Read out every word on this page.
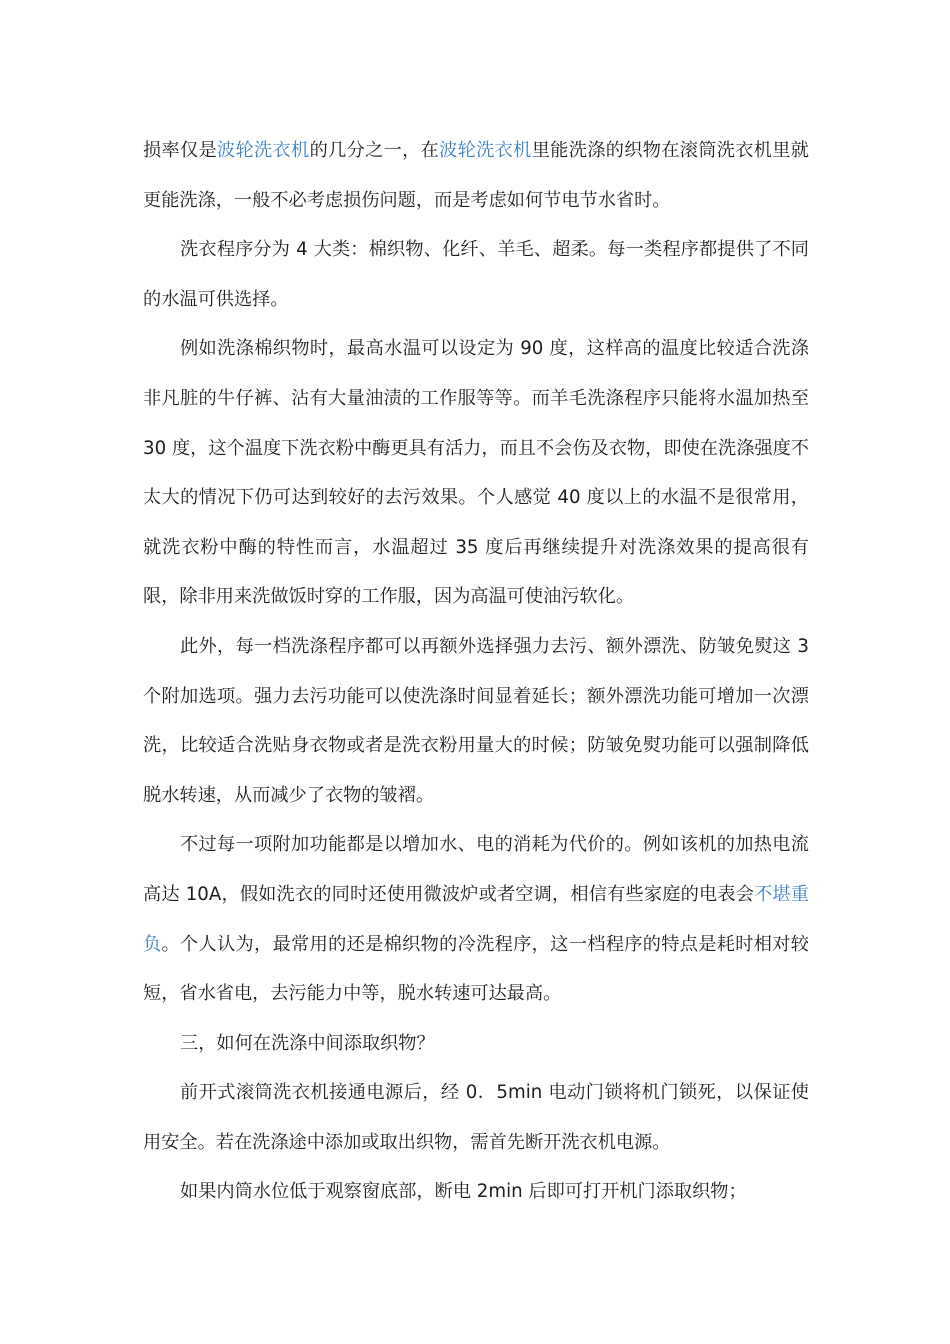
损率仅是波轮洗衣机的几分之一，在波轮洗衣机里能洗涤的织物在滚筒洗衣机里就更能洗涤，一般不必考虑损伤问题，而是考虑如何节电节水省时。

洗衣程序分为 4 大类：棉织物、化纤、羊毛、超柔。每一类程序都提供了不同的水温可供选择。

例如洗涤棉织物时，最高水温可以设定为 90 度，这样高的温度比较适合洗涤非凡脏的牛仔裤、沾有大量油渍的工作服等等。而羊毛洗涤程序只能将水温加热至 30 度，这个温度下洗衣粉中酶更具有活力，而且不会伤及衣物，即使在洗涤强度不太大的情况下仍可达到较好的去污效果。个人感觉 40 度以上的水温不是很常用，就洗衣粉中酶的特性而言，水温超过 35 度后再继续提升对洗涤效果的提高很有限，除非用来洗做饭时穿的工作服，因为高温可使油污软化。

此外，每一档洗涤程序都可以再额外选择强力去污、额外漂洗、防皱免熨这 3 个附加选项。强力去污功能可以使洗涤时间显着延长；额外漂洗功能可增加一次漂洗，比较适合洗贴身衣物或者是洗衣粉用量大的时候；防皱免熨功能可以强制降低脱水转速，从而减少了衣物的皱褶。

不过每一项附加功能都是以增加水、电的消耗为代价的。例如该机的加热电流高达 10A，假如洗衣的同时还使用微波炉或者空调，相信有些家庭的电表会不堪重负。个人认为，最常用的还是棉织物的冷洗程序，这一档程序的特点是耗时相对较短，省水省电，去污能力中等，脱水转速可达最高。

三，如何在洗涤中间添取织物？

前开式滚筒洗衣机接通电源后，经 0．5min 电动门锁将机门锁死，以保证使用安全。若在洗涤途中添加或取出织物，需首先断开洗衣机电源。

如果内筒水位低于观察窗底部，断电 2min 后即可打开机门添取织物；
